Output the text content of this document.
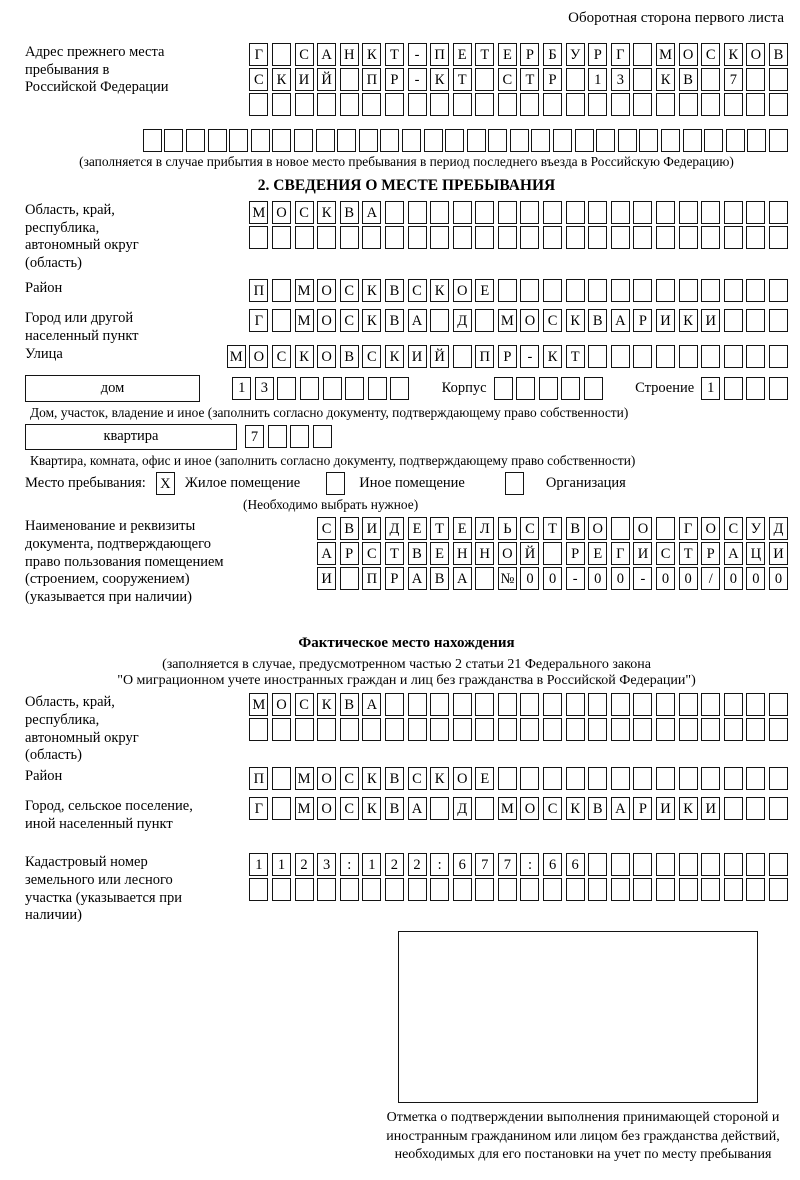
Оборотная сторона первого листа
Адрес прежнего места пребывания в Российской Федерации
Г	С А Н К Т	-	П Е Т Е Р Б У Р Г	М О С К О В
С К И Й П Р	-	К Т	С Т Р	1	3	К В	7
(заполняется в случае прибытия в новое место пребывания в период последнего въезда в Российскую Федерацию)
2. СВЕДЕНИЯ О МЕСТЕ ПРЕБЫВАНИЯ
Область, край, республика, автономный округ (область)
М О С К В А
Район	П М О С К В С К О Е
Город или другой населенный пункт
Г	М О С К В А	Д	М О С К В А Р И К И
Улица	М О С К О В С К И Й П Р	-	К Т
дом	1	3	Корпус	Строение 1
Дом, участок, владение и иное (заполнить согласно документу, подтверждающему право собственности)
квартира	7
Квартира, комната, офис и иное (заполнить согласно документу, подтверждающему право собственности)
Место пребывания: X Жилое помещение	Иное помещение	Организация
(Необходимо выбрать нужное)
Наименование и реквизиты документа, подтверждающего право пользования помещением (строением, сооружением) (указывается при наличии)
С В И Д Е Т Е Л Ь С Т В О О	Г О С У Д
А Р С Т В Е Н Н О Й	Р Е Г И С Т Р А Ц И
И П Р А В А № 0	0	-	0	0	-	0	0	/	0	0	0
Фактическое место нахождения
(заполняется в случае, предусмотренном частью 2 статьи 21 Федерального закона
"О миграционном учете иностранных граждан и лиц без гражданства в Российской Федерации")
Область, край, республика, автономный округ (область)
М О С К В А
Район	П М О С К В С К О Е
Город, сельское поселение, иной населенный пункт
Г	М О С К В А	Д	М О С К В А Р И К И
Кадастровый номер земельного или лесного участка (указывается при наличии)
1	1	2	3	:	1	2	2	:	6	7	7	:	6	6
Отметка о подтверждении выполнения принимающей стороной и иностранным гражданином или лицом без гражданства действий, необходимых для его постановки на учет по месту пребывания
